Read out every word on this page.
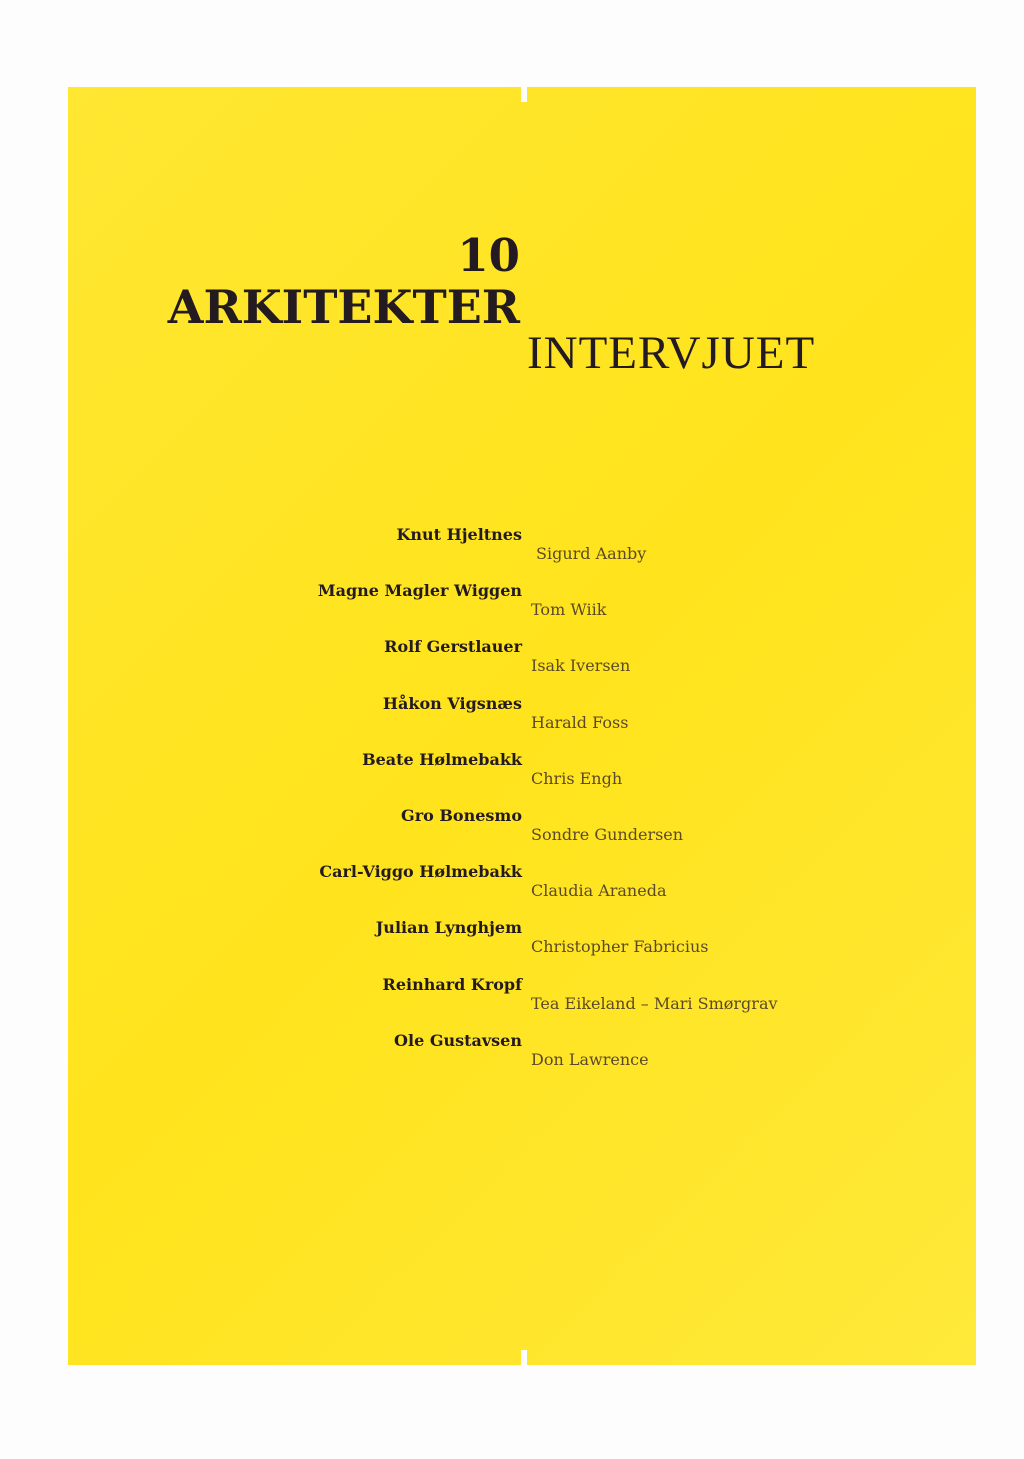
10
ARKITEKTER
INTERVJUET
Knut Hjeltnes
Sigurd Aanby
Magne Magler Wiggen
Tom Wiik
Rolf Gerstlauer
Isak Iversen
Håkon Vigsnæs
Harald Foss
Beate Hølmebakk
Chris Engh
Gro Bonesmo
Sondre Gundersen
Carl-Viggo Hølmebakk
Claudia Araneda
Julian Lynghjem
Christopher Fabricius
Reinhard Kropf
Tea Eikeland – Mari Smørgrav
Ole Gustavsen
Don Lawrence
